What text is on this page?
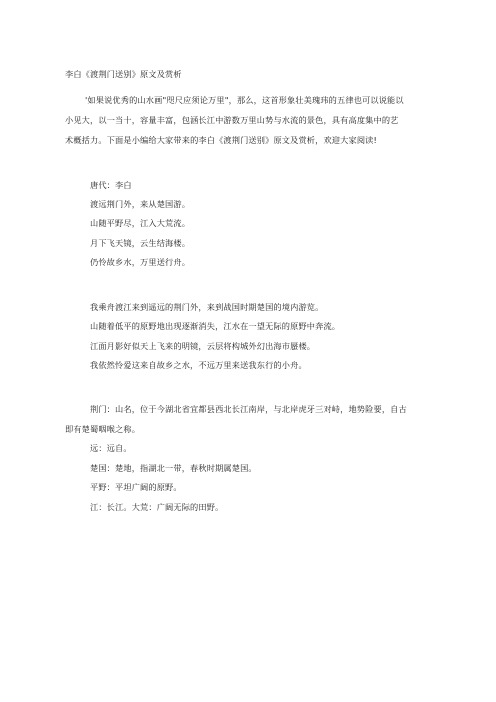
李白《渡荆门送别》原文及赏析
'如果说优秀的山水画"咫尺应须论万里"，那么，这首形象壮美瑰玮的五律也可以说能以
小见大，以一当十，容量丰富，包涵长江中游数万里山势与水流的景色，具有高度集中的艺
术概括力。下面是小编给大家带来的李白《渡荆门送别》原文及赏析，欢迎大家阅读!
唐代：李白
渡远荆门外，来从楚国游。
山随平野尽，江入大荒流。
月下飞天镜，云生结海楼。
仍怜故乡水，万里送行舟。
我乘舟渡江来到遥远的荆门外，来到战国时期楚国的境内游览。
山随着低平的原野地出现逐渐消失，江水在一望无际的原野中奔流。
江面月影好似天上飞来的明镜，云层将构城外幻出海市蜃楼。
我依然怜爱这来自故乡之水，不远万里来送我东行的小舟。
荆门：山名，位于今湖北省宜都县西北长江南岸，与北岸虎牙三对峙，地势险要，自古
即有楚蜀咽喉之称。
远：远自。
楚国：楚地，指湖北一带，春秋时期属楚国。
平野：平坦广阔的原野。
江：长江。大荒：广阔无际的田野。
